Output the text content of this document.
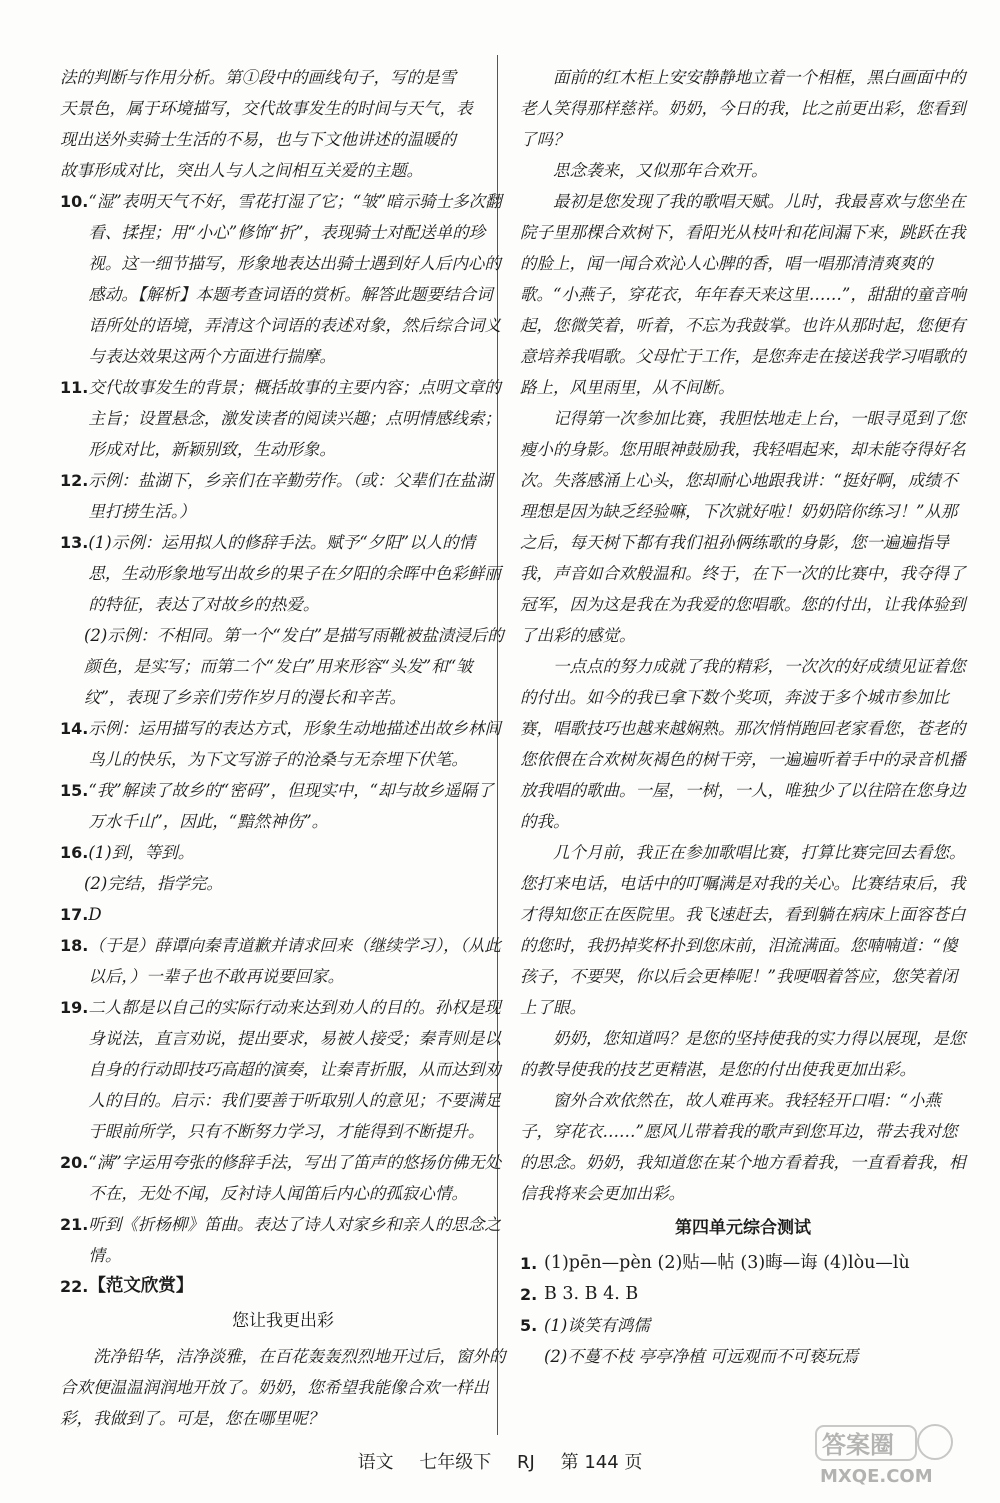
法的判断与作用分析。第①段中的画线句子，写的是雪

天景色，属于环境描写，交代故事发生的时间与天气，表

现出送外卖骑士生活的不易，也与下文他讲述的温暖的

故事形成对比，突出人与人之间相互关爱的主题。

10. “湿”表明天气不好，雪花打湿了它；“皱”暗示骑士多次翻看、揉捏；用“小心”修饰“折”，表现骑士对配送单的珍视。这一细节描写，形象地表达出骑士遇到好人后内心的感动。【解析】本题考查词语的赏析。解答此题要结合词语所处的语境，弄清这个词语的表述对象，然后综合词义与表达效果这两个方面进行揣摩。
11. 交代故事发生的背景；概括故事的主要内容；点明文章的主旨；设置悬念，激发读者的阅读兴趣；点明情感线索；形成对比，新颖别致，生动形象。
12. 示例：盐湖下，乡亲们在辛勤劳作。（或：父辈们在盐湖里打捞生活。）
13. (1)示例：运用拟人的修辞手法。赋予“夕阳”以人的情思，生动形象地写出故乡的果子在夕阳的余晖中色彩鲜丽的特征，表达了对故乡的热爱。

(2)示例：不相同。第一个“发白”是描写雨靴被盐渍浸后的颜色，是实写；而第二个“发白”用来形容“头发”和“皱纹”，表现了乡亲们劳作岁月的漫长和辛苦。

14. 示例：运用描写的表达方式，形象生动地描述出故乡林间鸟儿的快乐，为下文写游子的沧桑与无奈埋下伏笔。
15. “我”解读了故乡的“密码”，但现实中，“却与故乡遥隔了万水千山”，因此，“黯然神伤”。
16. (1)到，等到。

(2)完结，指学完。

17. D
18. （于是）薛谭向秦青道歉并请求回来（继续学习），（从此以后，）一辈子也不敢再说要回家。
19. 二人都是以自己的实际行动来达到劝人的目的。孙权是现身说法，直言劝说，提出要求，易被人接受；秦青则是以自身的行动即技巧高超的演奏，让秦青折服，从而达到劝人的目的。启示：我们要善于听取别人的意见；不要满足于眼前所学，只有不断努力学习，才能得到不断提升。
20. “满”字运用夸张的修辞手法，写出了笛声的悠扬仿佛无处不在，无处不闻，反衬诗人闻笛后内心的孤寂心情。
21. 听到《折杨柳》笛曲。表达了诗人对家乡和亲人的思念之情。
22. 【范文欣赏】

您让我更出彩

洗净铅华，洁净淡雅，在百花轰轰烈烈地开过后，窗外的合欢便温温润润地开放了。奶奶，您希望我能像合欢一样出彩，我做到了。可是，您在哪里呢？

面前的红木柜上安安静静地立着一个相框，黑白画面中的老人笑得那样慈祥。奶奶，今日的我，比之前更出彩，您看到了吗？

思念袭来，又似那年合欢开。

最初是您发现了我的歌唱天赋。儿时，我最喜欢与您坐在院子里那棵合欢树下，看阳光从枝叶和花间漏下来，跳跃在我的脸上，闻一闻合欢沁人心脾的香，唱一唱那清清爽爽的歌。“小燕子，穿花衣，年年春天来这里……”，甜甜的童音响起，您微笑着，听着，不忘为我鼓掌。也许从那时起，您便有意培养我唱歌。父母忙于工作，是您奔走在接送我学习唱歌的路上，风里雨里，从不间断。

记得第一次参加比赛，我胆怯地走上台，一眼寻觅到了您瘦小的身影。您用眼神鼓励我，我轻唱起来，却未能夺得好名次。失落感涌上心头，您却耐心地跟我讲：“挺好啊，成绩不理想是因为缺乏经验嘛，下次就好啦！奶奶陪你练习！”从那之后，每天树下都有我们祖孙俩练歌的身影，您一遍遍指导我，声音如合欢般温和。终于，在下一次的比赛中，我夺得了冠军，因为这是我在为我爱的您唱歌。您的付出，让我体验到了出彩的感觉。

一点点的努力成就了我的精彩，一次次的好成绩见证着您的付出。如今的我已拿下数个奖项，奔波于多个城市参加比赛，唱歌技巧也越来越娴熟。那次悄悄跑回老家看您，苍老的您依偎在合欢树灰褐色的树干旁，一遍遍听着手中的录音机播放我唱的歌曲。一屋，一树，一人，唯独少了以往陪在您身边的我。

几个月前，我正在参加歌唱比赛，打算比赛完回去看您。您打来电话，电话中的叮嘱满是对我的关心。比赛结束后，我才得知您正在医院里。我飞速赶去，看到躺在病床上面容苍白的您时，我扔掉奖杯扑到您床前，泪流满面。您喃喃道：“傻孩子，不要哭，你以后会更棒呢！”我哽咽着答应，您笑着闭上了眼。

奶奶，您知道吗？是您的坚持使我的实力得以展现，是您的教导使我的技艺更精湛，是您的付出使我更加出彩。

窗外合欢依然在，故人难再来。我轻轻开口唱：“小燕子，穿花衣……”愿风儿带着我的歌声到您耳边，带去我对您的思念。奶奶，我知道您在某个地方看着我，一直看着我，相信我将来会更加出彩。

第四单元综合测试

1. (1)pēn—pèn (2)贴—帖 (3)晦—诲 (4)lòu—lù
2. B 3. B 4. B
5. (1)谈笑有鸿儒

(2)不蔓不枝 亭亭净植 可远观而不可亵玩焉

语文 七年级下 RJ 第 144 页
答案圈
MXQE.COM
